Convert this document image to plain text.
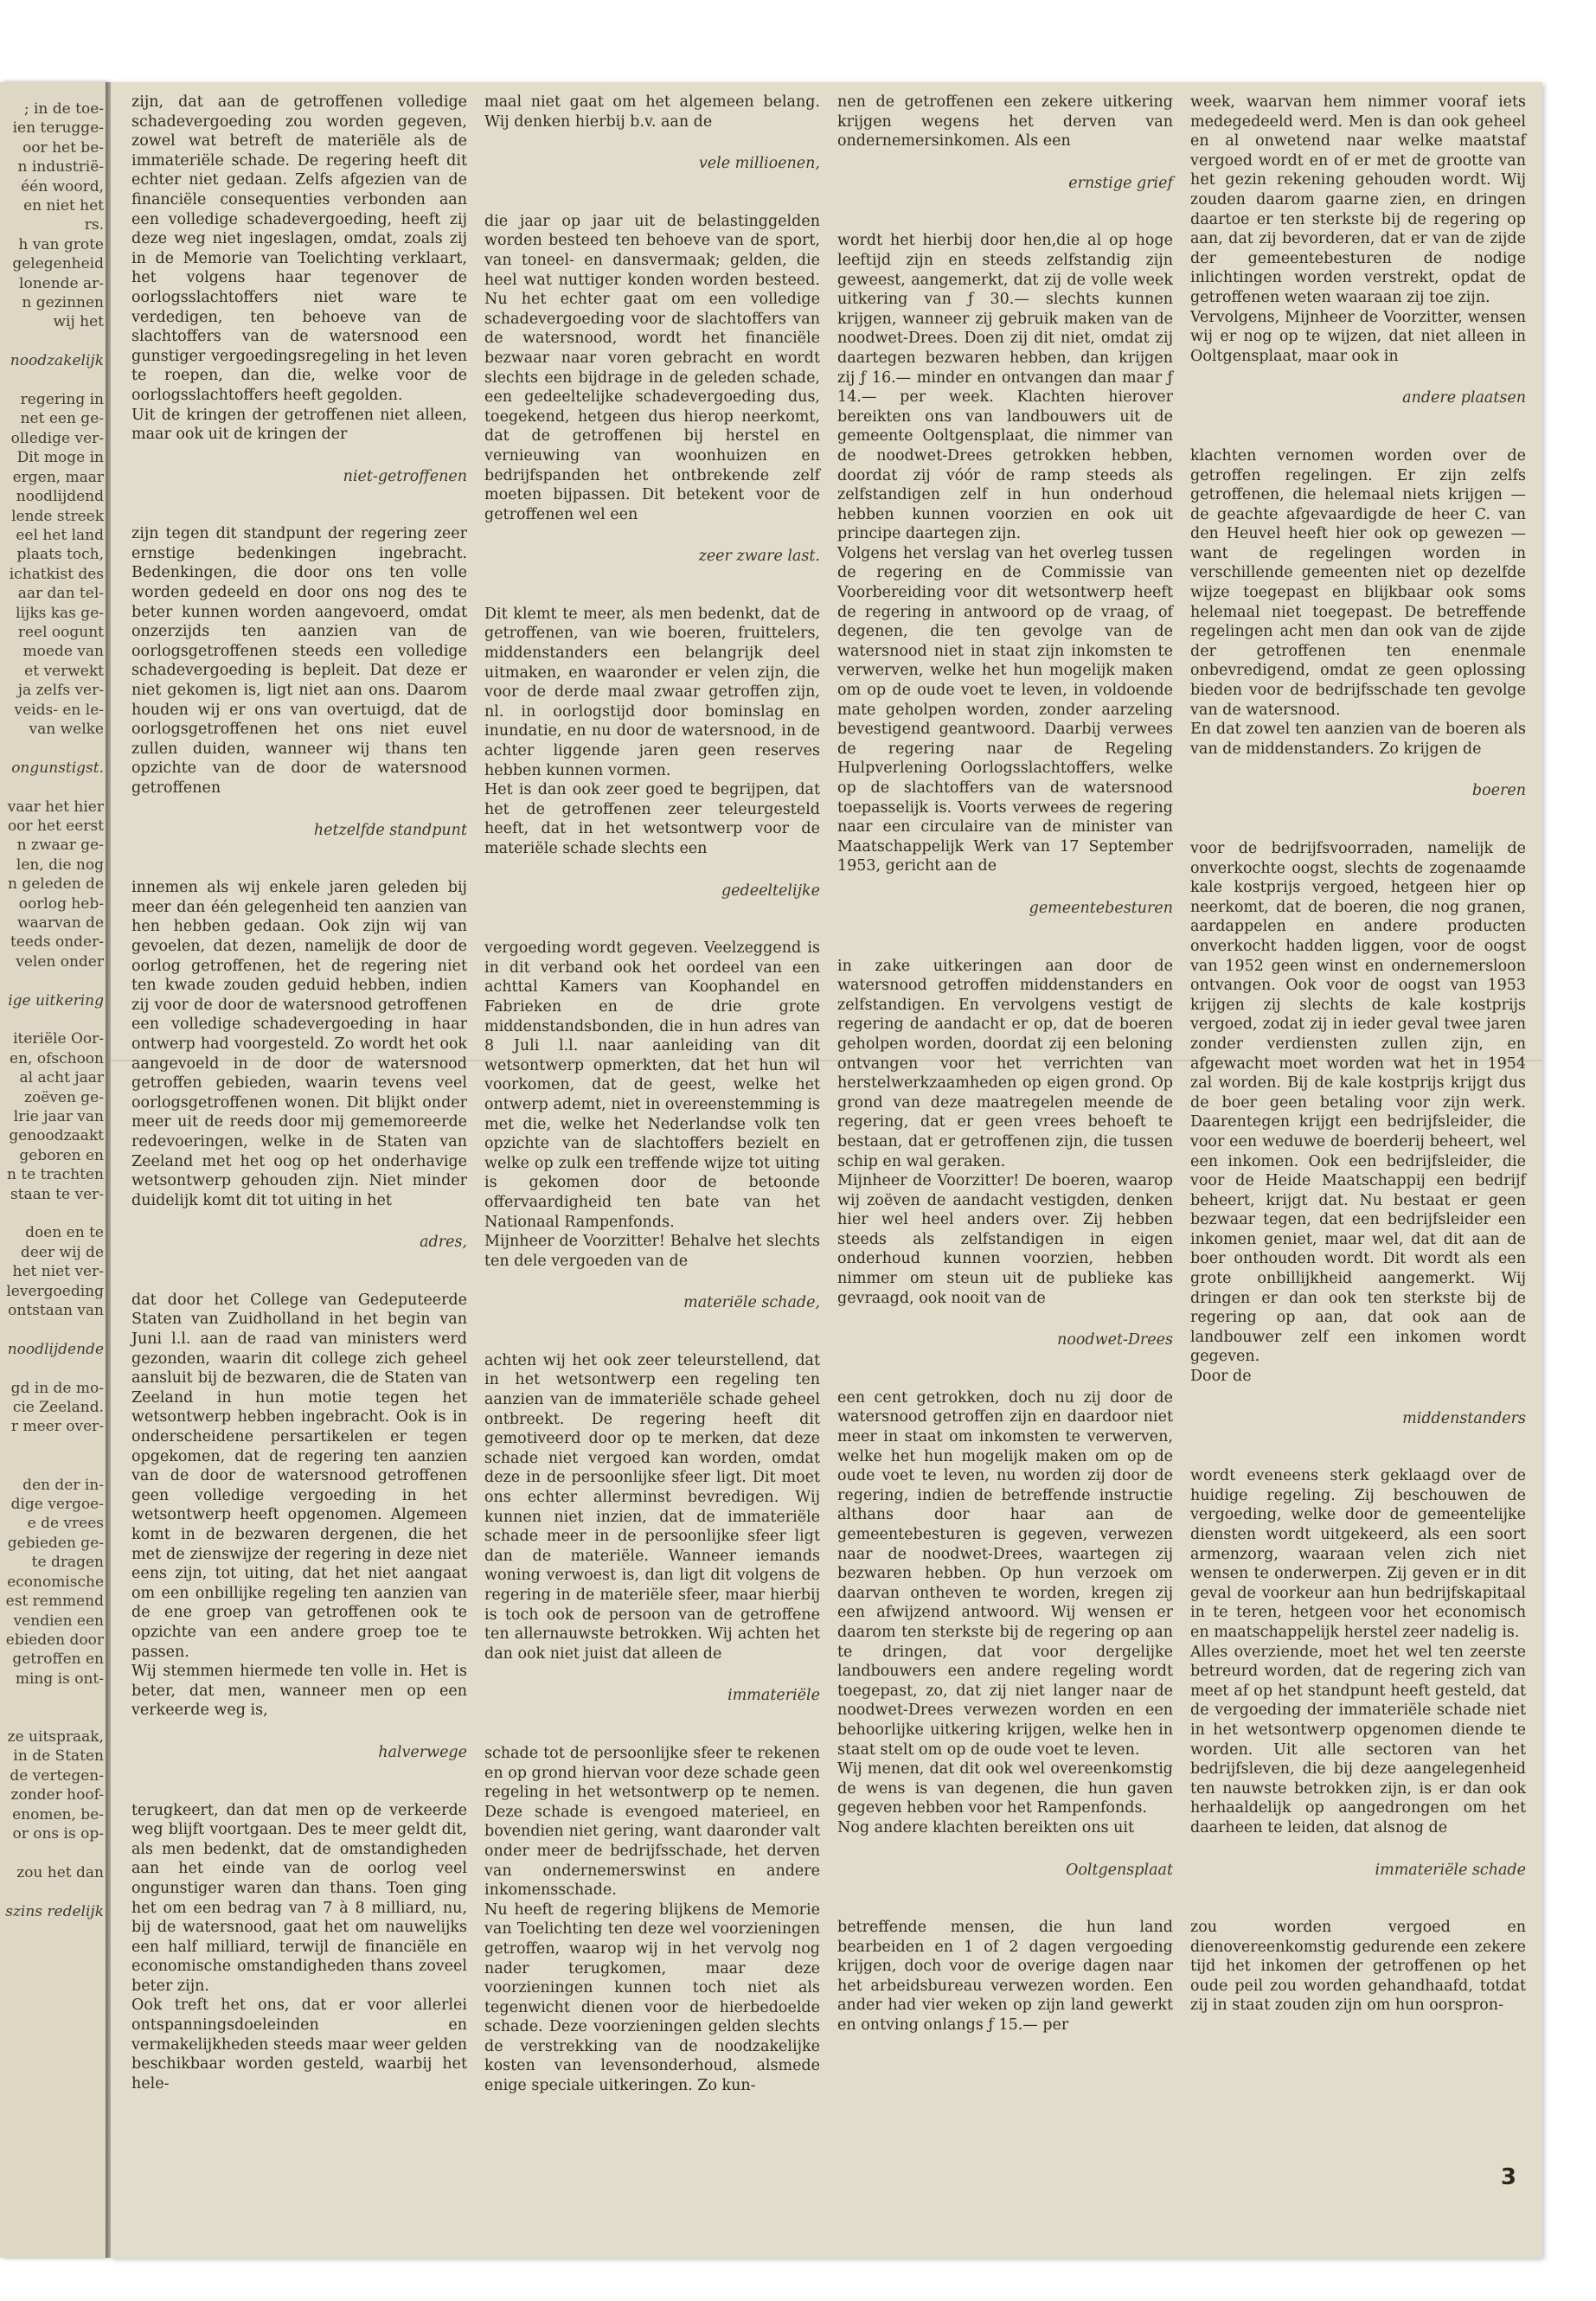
; in de toe-
ien terugge-
oor het be-
n industrië-
één woord,
en niet het
rs.
h van grote
gelegenheid
lonende ar-
n gezinnen
wij het
noodzakelijk
regering in
net een ge-
olledige ver-
Dit moge in
ergen, maar
noodlijdend
lende streek
eel het land
plaats toch,
ichatkist des
aar dan tel-
lijks kas ge-
reel oogunt
moede van
et verwekt
ja zelfs ver-
veids- en le-
van welke
ongunstigst.
vaar het hier
oor het eerst
n zwaar ge-
len, die nog
n geleden de
oorlog heb-
waarvan de
teeds onder-
velen onder
ige uitkering
iteriële Oor-
en, ofschoon
al acht jaar
zoëven ge-
lrie jaar van
genoodzaakt
geboren en
n te trachten
staan te ver-
doen en te
deer wij de
het niet ver-
levergoeding
ontstaan van
noodlijdende
gd in de mo-
cie Zeeland.
r meer over-
den der in-
dige vergoe-
e de vrees
gebieden ge-
te dragen
economische
est remmend
vendien een
ebieden door
getroffen en
ming is ont-
ze uitspraak,
in de Staten
de vertegen-
zonder hoof-
enomen, be-
or ons is op-
zou het dan
szins redelijk

zijn, dat aan de getroffenen volledige schadevergoeding zou worden gegeven, zowel wat betreft de materiële als de immateriële schade. De regering heeft dit echter niet gedaan. Zelfs afgezien van de financiële consequenties verbonden aan een volledige schadevergoeding, heeft zij deze weg niet ingeslagen, omdat, zoals zij in de Memorie van Toelichting verklaart, het volgens haar tegenover de oorlogsslachtoffers niet ware te verdedigen, ten behoeve van de slachtoffers van de watersnood een gunstiger vergoedingsregeling in het leven te roepen, dan die, welke voor de oorlogsslachtoffers heeft gegolden.

Uit de kringen der getroffenen niet alleen, maar ook uit de kringen der

niet-getroffenen

zijn tegen dit standpunt der regering zeer ernstige bedenkingen ingebracht. Bedenkingen, die door ons ten volle worden gedeeld en door ons nog des te beter kunnen worden aangevoerd, omdat onzerzijds ten aanzien van de oorlogsgetroffenen steeds een volledige schadevergoeding is bepleit. Dat deze er niet gekomen is, ligt niet aan ons. Daarom houden wij er ons van overtuigd, dat de oorlogsgetroffenen het ons niet euvel zullen duiden, wanneer wij thans ten opzichte van de door de watersnood getroffenen

hetzelfde standpunt

innemen als wij enkele jaren geleden bij meer dan één gelegenheid ten aanzien van hen hebben gedaan. Ook zijn wij van gevoelen, dat dezen, namelijk de door de oorlog getroffenen, het de regering niet ten kwade zouden geduid hebben, indien zij voor de door de watersnood getroffenen een volledige schadevergoeding in haar ontwerp had voorgesteld. Zo wordt het ook aangevoeld in de door de watersnood getroffen gebieden, waarin tevens veel oorlogsgetroffenen wonen. Dit blijkt onder meer uit de reeds door mij gememoreerde redevoeringen, welke in de Staten van Zeeland met het oog op het onderhavige wetsontwerp gehouden zijn. Niet minder duidelijk komt dit tot uiting in het

adres,

dat door het College van Gedeputeerde Staten van Zuidholland in het begin van Juni l.l. aan de raad van ministers werd gezonden, waarin dit college zich geheel aansluit bij de bezwaren, die de Staten van Zeeland in hun motie tegen het wetsontwerp hebben ingebracht. Ook is in onderscheidene persartikelen er tegen opgekomen, dat de regering ten aanzien van de door de watersnood getroffenen geen volledige vergoeding in het wetsontwerp heeft opgenomen. Algemeen komt in de bezwaren dergenen, die het met de zienswijze der regering in deze niet eens zijn, tot uiting, dat het niet aangaat om een onbillijke regeling ten aanzien van de ene groep van getroffenen ook te opzichte van een andere groep toe te passen.

Wij stemmen hiermede ten volle in. Het is beter, dat men, wanneer men op een verkeerde weg is,

halverwege

terugkeert, dan dat men op de verkeerde weg blijft voortgaan. Des te meer geldt dit, als men bedenkt, dat de omstandigheden aan het einde van de oorlog veel ongunstiger waren dan thans. Toen ging het om een bedrag van 7 à 8 milliard, nu, bij de watersnood, gaat het om nauwelijks een half milliard, terwijl de financiële en economische omstandigheden thans zoveel beter zijn.

Ook treft het ons, dat er voor allerlei ontspanningsdoeleinden en vermakelijkheden steeds maar weer gelden beschikbaar worden gesteld, waarbij het hele-

maal niet gaat om het algemeen belang. Wij denken hierbij b.v. aan de

vele millioenen,

die jaar op jaar uit de belastinggelden worden besteed ten behoeve van de sport, van toneel- en dansvermaak; gelden, die heel wat nuttiger konden worden besteed. Nu het echter gaat om een volledige schadevergoeding voor de slachtoffers van de watersnood, wordt het financiële bezwaar naar voren gebracht en wordt slechts een bijdrage in de geleden schade, een gedeeltelijke schadevergoeding dus, toegekend, hetgeen dus hierop neerkomt, dat de getroffenen bij herstel en vernieuwing van woonhuizen en bedrijfspanden het ontbrekende zelf moeten bijpassen. Dit betekent voor de getroffenen wel een

zeer zware last.

Dit klemt te meer, als men bedenkt, dat de getroffenen, van wie boeren, fruittelers, middenstanders een belangrijk deel uitmaken, en waaronder er velen zijn, die voor de derde maal zwaar getroffen zijn, nl. in oorlogstijd door bominslag en inundatie, en nu door de watersnood, in de achter liggende jaren geen reserves hebben kunnen vormen.

Het is dan ook zeer goed te begrijpen, dat het de getroffenen zeer teleurgesteld heeft, dat in het wetsontwerp voor de materiële schade slechts een

gedeeltelijke

vergoeding wordt gegeven. Veelzeggend is in dit verband ook het oordeel van een achttal Kamers van Koophandel en Fabrieken en de drie grote middenstandsbonden, die in hun adres van 8 Juli l.l. naar aanleiding van dit wetsontwerp opmerkten, dat het hun wil voorkomen, dat de geest, welke het ontwerp ademt, niet in overeenstemming is met die, welke het Nederlandse volk ten opzichte van de slachtoffers bezielt en welke op zulk een treffende wijze tot uiting is gekomen door de betoonde offervaardigheid ten bate van het Nationaal Rampenfonds.

Mijnheer de Voorzitter! Behalve het slechts ten dele vergoeden van de

materiële schade,

achten wij het ook zeer teleurstellend, dat in het wetsontwerp een regeling ten aanzien van de immateriële schade geheel ontbreekt. De regering heeft dit gemotiveerd door op te merken, dat deze schade niet vergoed kan worden, omdat deze in de persoonlijke sfeer ligt. Dit moet ons echter allerminst bevredigen. Wij kunnen niet inzien, dat de immateriële schade meer in de persoonlijke sfeer ligt dan de materiële. Wanneer iemands woning verwoest is, dan ligt dit volgens de regering in de materiële sfeer, maar hierbij is toch ook de persoon van de getroffene ten allernauwste betrokken. Wij achten het dan ook niet juist dat alleen de

immateriële

schade tot de persoonlijke sfeer te rekenen en op grond hiervan voor deze schade geen regeling in het wetsontwerp op te nemen. Deze schade is evengoed materieel, en bovendien niet gering, want daaronder valt onder meer de bedrijfsschade, het derven van ondernemerswinst en andere inkomensschade.

Nu heeft de regering blijkens de Memorie van Toelichting ten deze wel voorzieningen getroffen, waarop wij in het vervolg nog nader terugkomen, maar deze voorzieningen kunnen toch niet als tegenwicht dienen voor de hierbedoelde schade. Deze voorzieningen gelden slechts de verstrekking van de noodzakelijke kosten van levensonderhoud, alsmede enige speciale uitkeringen. Zo kun-

nen de getroffenen een zekere uitkering krijgen wegens het derven van ondernemersinkomen. Als een

ernstige grief

wordt het hierbij door hen,die al op hoge leeftijd zijn en steeds zelfstandig zijn geweest, aangemerkt, dat zij de volle week uitkering van ƒ 30.— slechts kunnen krijgen, wanneer zij gebruik maken van de noodwet-Drees. Doen zij dit niet, omdat zij daartegen bezwaren hebben, dan krijgen zij ƒ 16.— minder en ontvangen dan maar ƒ 14.— per week. Klachten hierover bereikten ons van landbouwers uit de gemeente Ooltgensplaat, die nimmer van de noodwet-Drees getrokken hebben, doordat zij vóór de ramp steeds als zelfstandigen zelf in hun onderhoud hebben kunnen voorzien en ook uit principe daartegen zijn.

Volgens het verslag van het overleg tussen de regering en de Commissie van Voorbereiding voor dit wetsontwerp heeft de regering in antwoord op de vraag, of degenen, die ten gevolge van de watersnood niet in staat zijn inkomsten te verwerven, welke het hun mogelijk maken om op de oude voet te leven, in voldoende mate geholpen worden, zonder aarzeling bevestigend geantwoord. Daarbij verwees de regering naar de Regeling Hulpverlening Oorlogsslachtoffers, welke op de slachtoffers van de watersnood toepasselijk is. Voorts verwees de regering naar een circulaire van de minister van Maatschappelijk Werk van 17 September 1953, gericht aan de

gemeentebesturen

in zake uitkeringen aan door de watersnood getroffen middenstanders en zelfstandigen. En vervolgens vestigt de regering de aandacht er op, dat de boeren geholpen worden, doordat zij een beloning ontvangen voor het verrichten van herstelwerkzaamheden op eigen grond. Op grond van deze maatregelen meende de regering, dat er geen vrees behoeft te bestaan, dat er getroffenen zijn, die tussen schip en wal geraken.

Mijnheer de Voorzitter! De boeren, waarop wij zoëven de aandacht vestigden, denken hier wel heel anders over. Zij hebben steeds als zelfstandigen in eigen onderhoud kunnen voorzien, hebben nimmer om steun uit de publieke kas gevraagd, ook nooit van de

noodwet-Drees

een cent getrokken, doch nu zij door de watersnood getroffen zijn en daardoor niet meer in staat om inkomsten te verwerven, welke het hun mogelijk maken om op de oude voet te leven, nu worden zij door de regering, indien de betreffende instructie althans door haar aan de gemeentebesturen is gegeven, verwezen naar de noodwet-Drees, waartegen zij bezwaren hebben. Op hun verzoek om daarvan ontheven te worden, kregen zij een afwijzend antwoord. Wij wensen er daarom ten sterkste bij de regering op aan te dringen, dat voor dergelijke landbouwers een andere regeling wordt toegepast, zo, dat zij niet langer naar de noodwet-Drees verwezen worden en een behoorlijke uitkering krijgen, welke hen in staat stelt om op de oude voet te leven.

Wij menen, dat dit ook wel overeenkomstig de wens is van degenen, die hun gaven gegeven hebben voor het Rampenfonds.

Nog andere klachten bereikten ons uit

Ooltgensplaat

betreffende mensen, die hun land bearbeiden en 1 of 2 dagen vergoeding krijgen, doch voor de overige dagen naar het arbeidsbureau verwezen worden. Een ander had vier weken op zijn land gewerkt en ontving onlangs ƒ 15.— per

week, waarvan hem nimmer vooraf iets medegedeeld werd. Men is dan ook geheel en al onwetend naar welke maatstaf vergoed wordt en of er met de grootte van het gezin rekening gehouden wordt. Wij zouden daarom gaarne zien, en dringen daartoe er ten sterkste bij de regering op aan, dat zij bevorderen, dat er van de zijde der gemeentebesturen de nodige inlichtingen worden verstrekt, opdat de getroffenen weten waaraan zij toe zijn.

Vervolgens, Mijnheer de Voorzitter, wensen wij er nog op te wijzen, dat niet alleen in Ooltgensplaat, maar ook in

andere plaatsen

klachten vernomen worden over de getroffen regelingen. Er zijn zelfs getroffenen, die helemaal niets krijgen — de geachte afgevaardigde de heer C. van den Heuvel heeft hier ook op gewezen — want de regelingen worden in verschillende gemeenten niet op dezelfde wijze toegepast en blijkbaar ook soms helemaal niet toegepast. De betreffende regelingen acht men dan ook van de zijde der getroffenen ten enenmale onbevredigend, omdat ze geen oplossing bieden voor de bedrijfsschade ten gevolge van de watersnood.

En dat zowel ten aanzien van de boeren als van de middenstanders. Zo krijgen de

boeren

voor de bedrijfsvoorraden, namelijk de onverkochte oogst, slechts de zogenaamde kale kostprijs vergoed, hetgeen hier op neerkomt, dat de boeren, die nog granen, aardappelen en andere producten onverkocht hadden liggen, voor de oogst van 1952 geen winst en ondernemersloon ontvangen. Ook voor de oogst van 1953 krijgen zij slechts de kale kostprijs vergoed, zodat zij in ieder geval twee jaren zonder verdiensten zullen zijn, en afgewacht moet worden wat het in 1954 zal worden. Bij de kale kostprijs krijgt dus de boer geen betaling voor zijn werk. Daarentegen krijgt een bedrijfsleider, die voor een weduwe de boerderij beheert, wel een inkomen. Ook een bedrijfsleider, die voor de Heide Maatschappij een bedrijf beheert, krijgt dat. Nu bestaat er geen bezwaar tegen, dat een bedrijfsleider een inkomen geniet, maar wel, dat dit aan de boer onthouden wordt. Dit wordt als een grote onbillijkheid aangemerkt. Wij dringen er dan ook ten sterkste bij de regering op aan, dat ook aan de landbouwer zelf een inkomen wordt gegeven.

Door de

middenstanders

wordt eveneens sterk geklaagd over de huidige regeling. Zij beschouwen de vergoeding, welke door de gemeentelijke diensten wordt uitgekeerd, als een soort armenzorg, waaraan velen zich niet wensen te onderwerpen. Zij geven er in dit geval de voorkeur aan hun bedrijfskapitaal in te teren, hetgeen voor het economisch en maatschappelijk herstel zeer nadelig is.

Alles overziende, moet het wel ten zeerste betreurd worden, dat de regering zich van meet af op het standpunt heeft gesteld, dat de vergoeding der immateriële schade niet in het wetsontwerp opgenomen diende te worden. Uit alle sectoren van het bedrijfsleven, die bij deze aangelegenheid ten nauwste betrokken zijn, is er dan ook herhaaldelijk op aangedrongen om het daarheen te leiden, dat alsnog de

immateriële schade

zou worden vergoed en dienovereenkomstig gedurende een zekere tijd het inkomen der getroffenen op het oude peil zou worden gehandhaafd, totdat zij in staat zouden zijn om hun oorspron-

3
